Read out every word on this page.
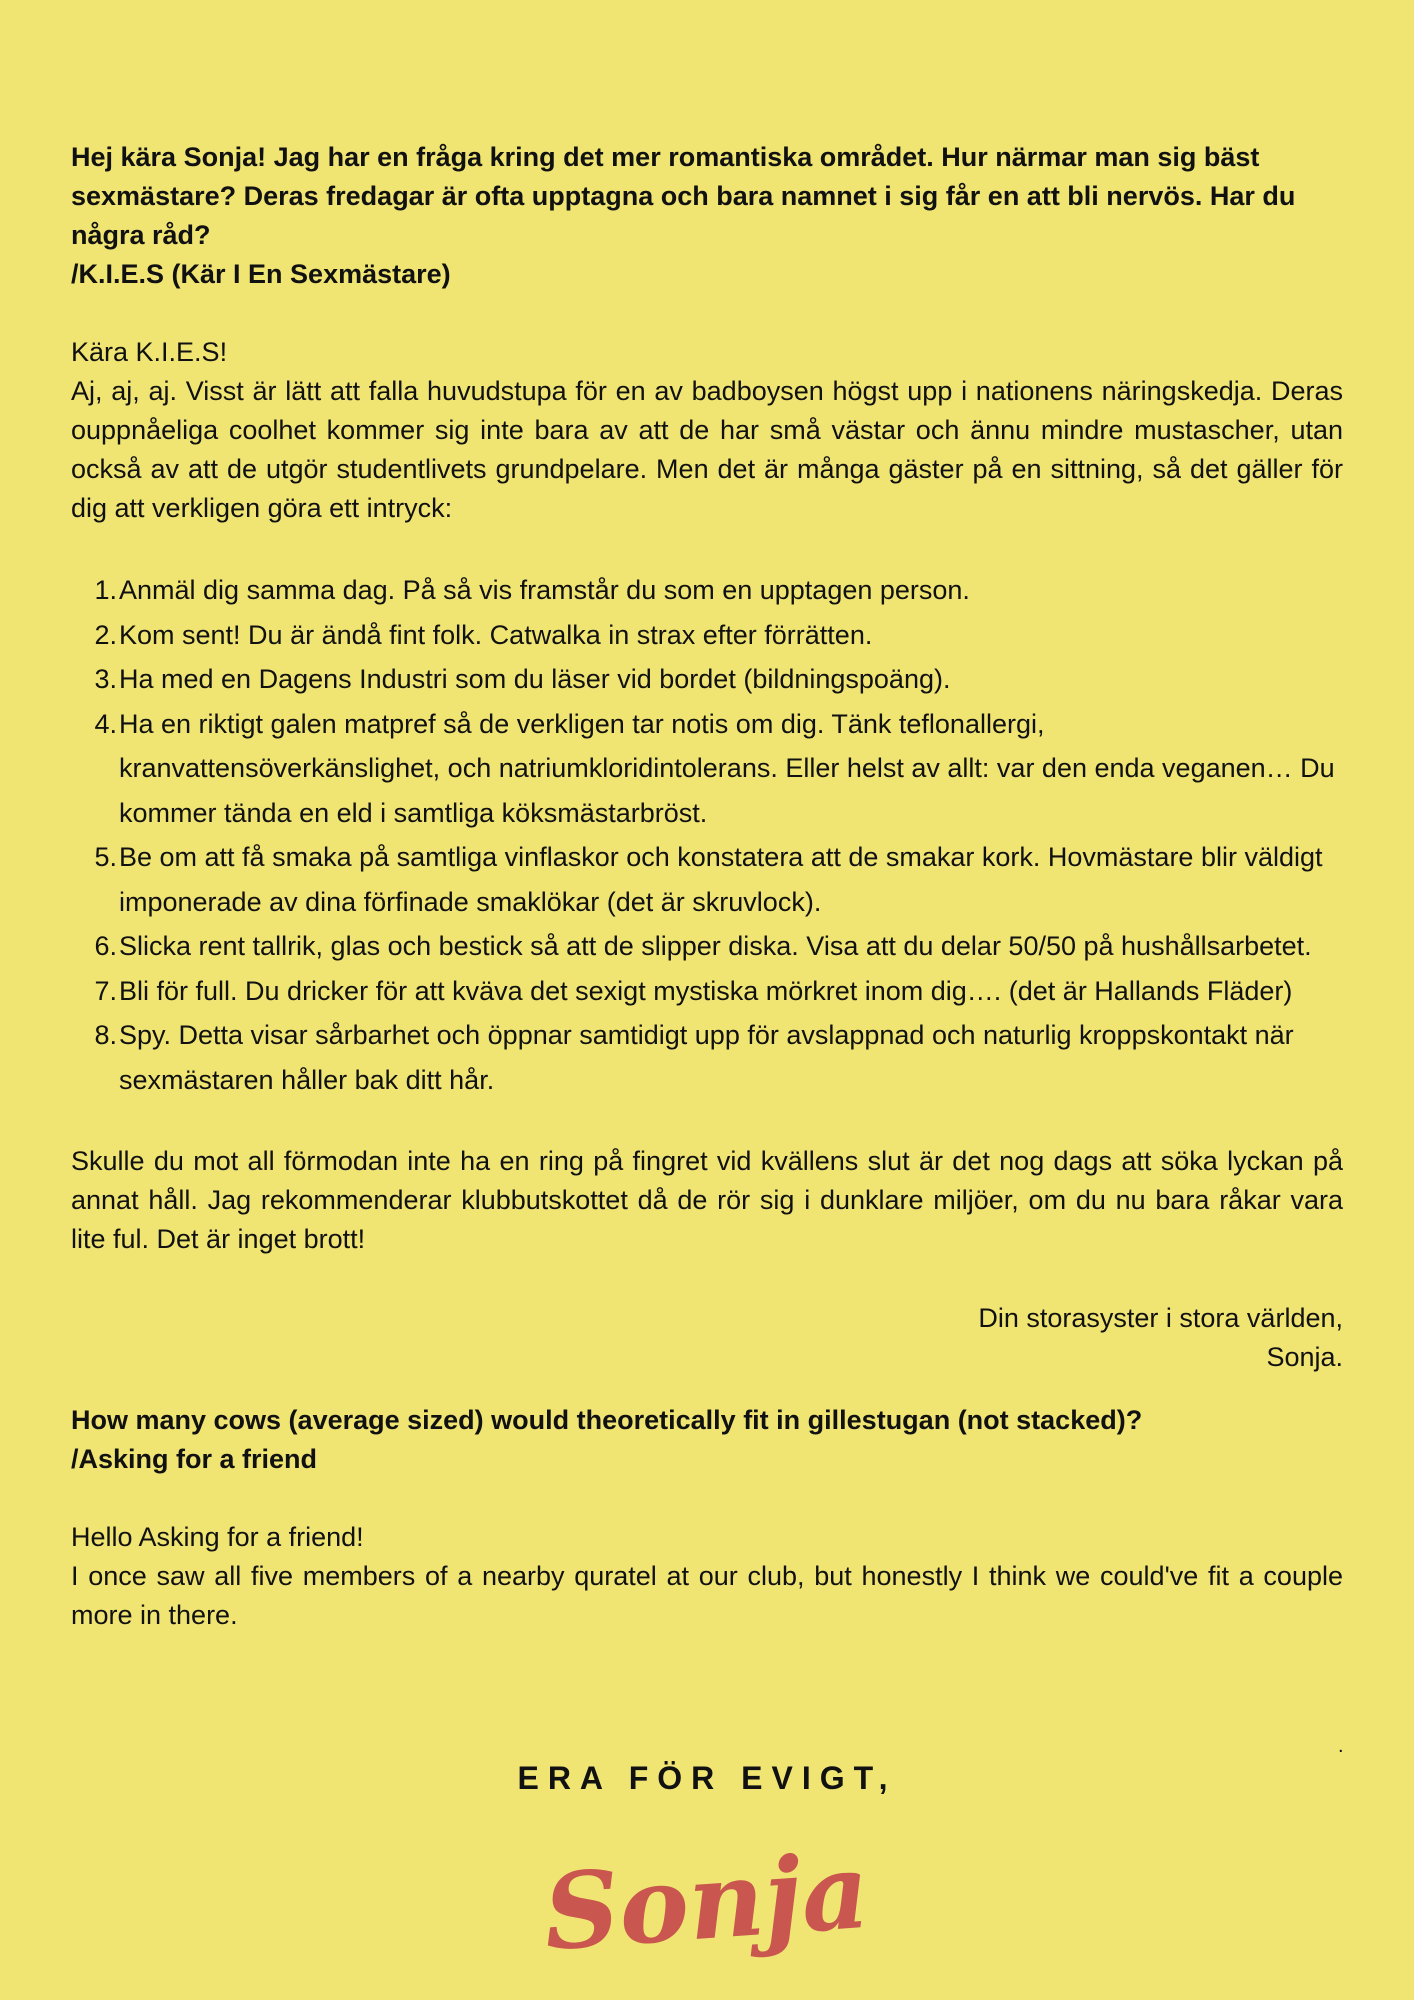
Hej kära Sonja! Jag har en fråga kring det mer romantiska området. Hur närmar man sig bäst sexmästare? Deras fredagar är ofta upptagna och bara namnet i sig får en att bli nervös. Har du några råd?

/K.I.E.S (Kär I En Sexmästare)

Kära K.I.E.S!

Aj, aj, aj. Visst är lätt att falla huvudstupa för en av badboysen högst upp i nationens näringskedja. Deras ouppnåeliga coolhet kommer sig inte bara av att de har små västar och ännu mindre mustascher, utan också av att de utgör studentlivets grundpelare. Men det är många gäster på en sittning, så det gäller för dig att verkligen göra ett intryck:

1. Anmäl dig samma dag. På så vis framstår du som en upptagen person.
2. Kom sent! Du är ändå fint folk. Catwalka in strax efter förrätten.
3. Ha med en Dagens Industri som du läser vid bordet (bildningspoäng).
4. Ha en riktigt galen matpref så de verkligen tar notis om dig. Tänk teflonallergi, kranvattensöverkänslighet, och natriumkloridintolerans. Eller helst av allt: var den enda veganen… Du kommer tända en eld i samtliga köksmästarbröst.
5. Be om att få smaka på samtliga vinflaskor och konstatera att de smakar kork. Hovmästare blir väldigt imponerade av dina förfinade smaklökar (det är skruvlock).
6. Slicka rent tallrik, glas och bestick så att de slipper diska. Visa att du delar 50/50 på hushållsarbetet.
7. Bli för full. Du dricker för att kväva det sexigt mystiska mörkret inom dig…. (det är Hallands Fläder)
8. Spy. Detta visar sårbarhet och öppnar samtidigt upp för avslappnad och naturlig kroppskontakt när sexmästaren håller bak ditt hår.

Skulle du mot all förmodan inte ha en ring på fingret vid kvällens slut är det nog dags att söka lyckan på annat håll. Jag rekommenderar klubbutskottet då de rör sig i dunklare miljöer, om du nu bara råkar vara lite ful. Det är inget brott!

Din storasyster i stora världen,

Sonja.

How many cows (average sized) would theoretically fit in gillestugan (not stacked)?

/Asking for a friend

Hello Asking for a friend!

I once saw all five members of a nearby quratel at our club, but honestly I think we could've fit a couple more in there.

.
ERA FÖR EVIGT,
Sonja
